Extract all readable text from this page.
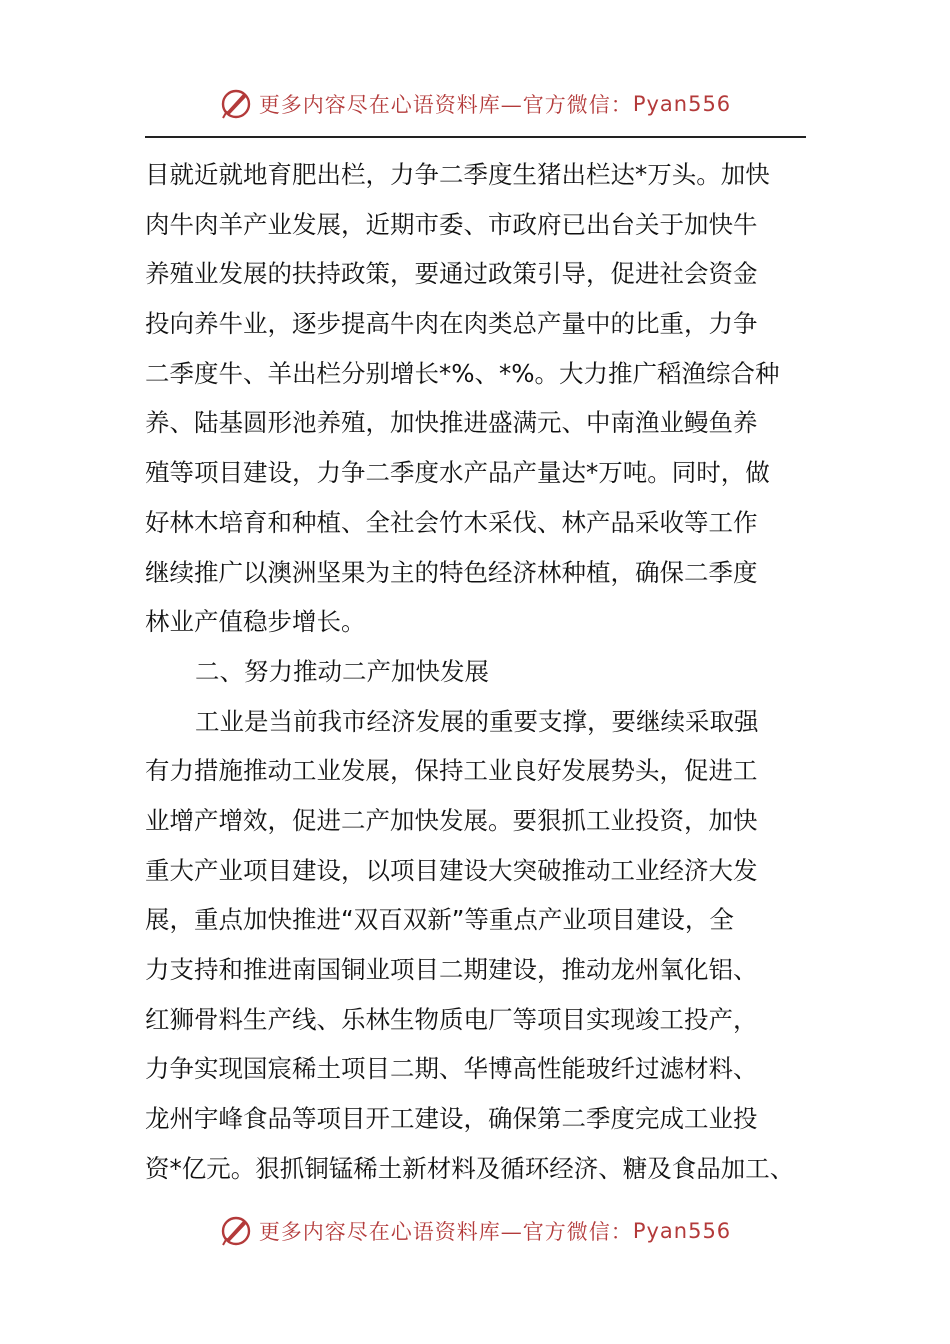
更多内容尽在心语资料库—官方微信： Pyan556
目就近就地育肥出栏，力争二季度生猪出栏达*万头。加快
肉牛肉羊产业发展，近期市委、市政府已出台关于加快牛
养殖业发展的扶持政策，要通过政策引导，促进社会资金
投向养牛业，逐步提高牛肉在肉类总产量中的比重，力争
二季度牛、羊出栏分别增长*%、*%。大力推广稻渔综合种
养、陆基圆形池养殖，加快推进盛满元、中南渔业鳗鱼养
殖等项目建设，力争二季度水产品产量达*万吨。同时，做
好林木培育和种植、全社会竹木采伐、林产品采收等工作
继续推广以澳洲坚果为主的特色经济林种植，确保二季度
林业产值稳步增长。
二、努力推动二产加快发展
工业是当前我市经济发展的重要支撑，要继续采取强
有力措施推动工业发展，保持工业良好发展势头，促进工
业增产增效，促进二产加快发展。要狠抓工业投资，加快
重大产业项目建设，以项目建设大突破推动工业经济大发
展，重点加快推进“双百双新”等重点产业项目建设，全
力支持和推进南国铜业项目二期建设，推动龙州氧化铝、
红狮骨料生产线、乐林生物质电厂等项目实现竣工投产，
力争实现国宸稀土项目二期、华博高性能玻纤过滤材料、
龙州宇峰食品等项目开工建设，确保第二季度完成工业投
资*亿元。狠抓铜锰稀土新材料及循环经济、糖及食品加工、
更多内容尽在心语资料库—官方微信： Pyan556
